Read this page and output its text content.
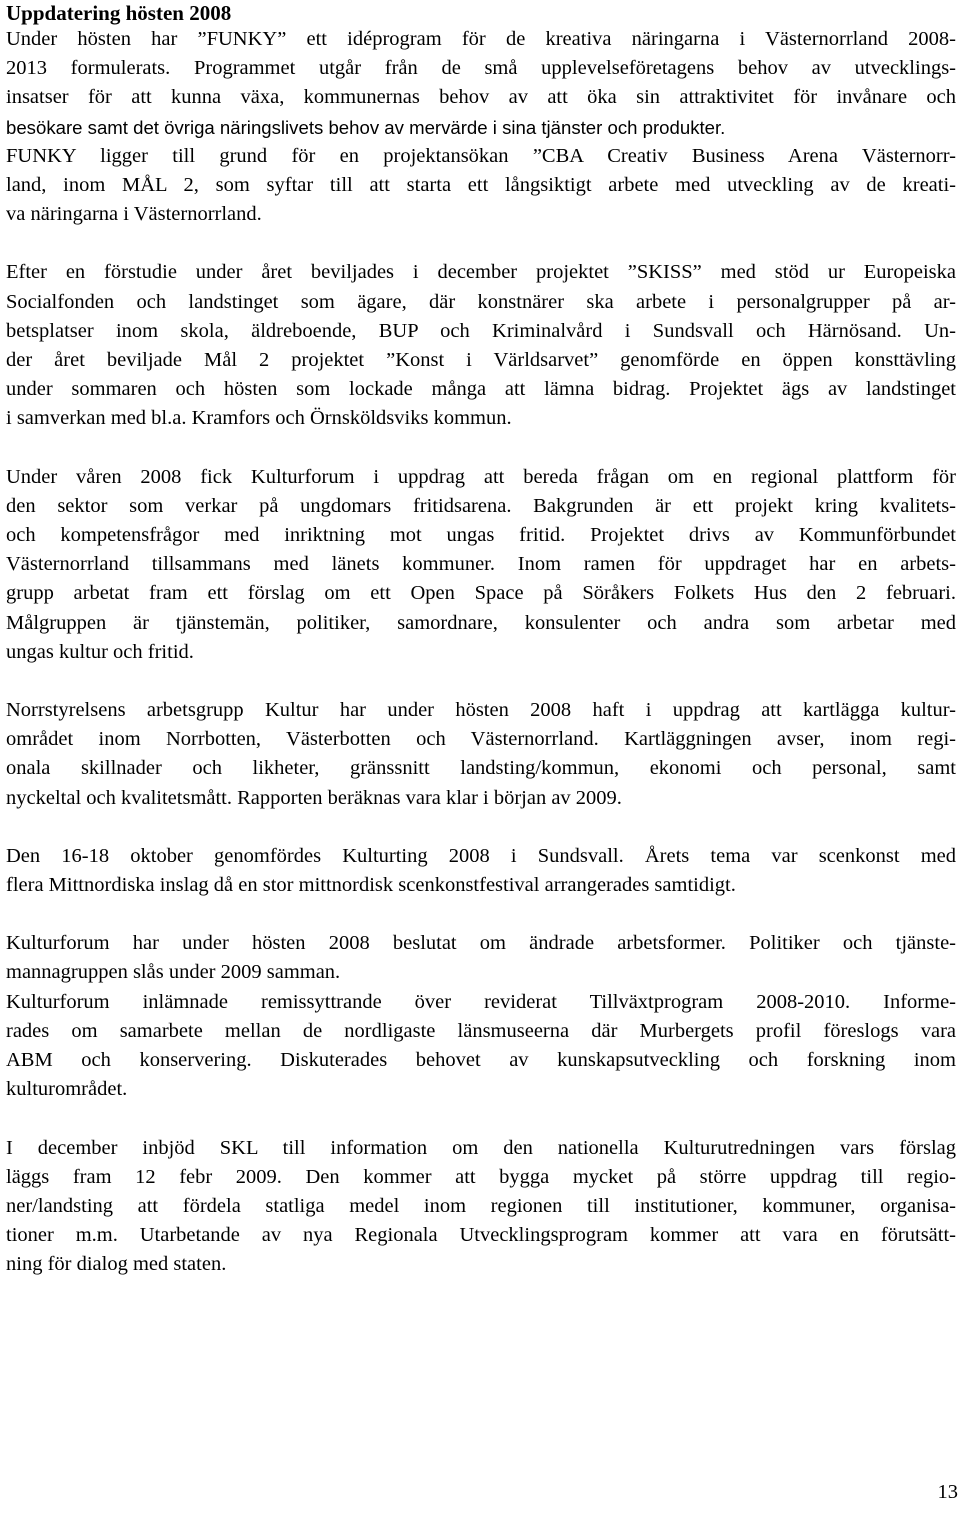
Uppdatering hösten 2008
Under hösten har ”FUNKY” ett idéprogram för de kreativa näringarna i Västernorrland 2008-
2013 formulerats. Programmet utgår från de små upplevelseföretagens behov av utvecklings-
insatser för att kunna växa, kommunernas behov av att öka sin attraktivitet för invånare och
besökare samt det övriga näringslivets behov av mervärde i sina tjänster och produkter.
FUNKY ligger till grund för en projektansökan ”CBA Creativ Business Arena Västernorr-
land, inom MÅL 2, som syftar till att starta ett långsiktigt arbete med utveckling av de kreati-
va näringarna i Västernorrland.
Efter en förstudie under året beviljades i december projektet ”SKISS” med stöd ur Europeiska
Socialfonden och landstinget som ägare, där konstnärer ska arbete i personalgrupper på ar-
betsplatser inom skola, äldreboende, BUP och Kriminalvård i Sundsvall och Härnösand. Un-
der året beviljade Mål 2 projektet ”Konst i Världsarvet” genomförde en öppen konsttävling
under sommaren och hösten som lockade många att lämna bidrag. Projektet ägs av landstinget
i samverkan med bl.a. Kramfors och Örnsköldsviks kommun.
Under våren 2008 fick Kulturforum i uppdrag att bereda frågan om en regional plattform för
den sektor som verkar på ungdomars fritidsarena. Bakgrunden är ett projekt kring kvalitets-
och kompetensfrågor med inriktning mot ungas fritid. Projektet drivs av Kommunförbundet
Västernorrland tillsammans med länets kommuner. Inom ramen för uppdraget har en arbets-
grupp arbetat fram ett förslag om ett Open Space på Söråkers Folkets Hus den 2 februari.
Målgruppen är tjänstemän, politiker, samordnare, konsulenter och andra som arbetar med
ungas kultur och fritid.
Norrstyrelsens arbetsgrupp Kultur har under hösten 2008 haft i uppdrag att kartlägga kultur-
området inom Norrbotten, Västerbotten och Västernorrland. Kartläggningen avser, inom regi-
onala skillnader och likheter, gränssnitt landsting/kommun, ekonomi och personal, samt
nyckeltal och kvalitetsmått. Rapporten beräknas vara klar i början av 2009.
Den 16-18 oktober genomfördes Kulturting 2008 i Sundsvall. Årets tema var scenkonst med
flera Mittnordiska inslag då en stor mittnordisk scenkonstfestival arrangerades samtidigt.
Kulturforum har under hösten 2008 beslutat om ändrade arbetsformer. Politiker och tjänste-
mannagruppen slås under 2009 samman.
Kulturforum inlämnade remissyttrande över reviderat Tillväxtprogram 2008-2010. Informe-
rades om samarbete mellan de nordligaste länsmuseerna där Murbergets profil föreslogs vara
ABM och konservering. Diskuterades behovet av kunskapsutveckling och forskning inom
kulturområdet.
I december inbjöd SKL till information om den nationella Kulturutredningen vars förslag
läggs fram 12 febr 2009. Den kommer att bygga mycket på större uppdrag till regio-
ner/landsting att fördela statliga medel inom regionen till institutioner, kommuner, organisa-
tioner m.m. Utarbetande av nya Regionala Utvecklingsprogram kommer att vara en förutsätt-
ning för dialog med staten.
13
